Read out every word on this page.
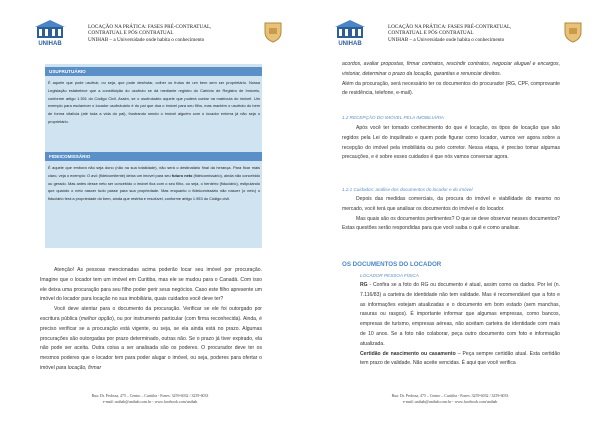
UNIHAB
LOCAÇÃO NA PRÁTICA: FASES PRÉ-CONTRATUAL,
CONTRATUAL E PÓS CONTRATUAL
UNIHAB – a Universidade onde habita o conhecimento
USUFRUTUÁRIO
É aquele que pode usufruir, ou seja, que pode desfrutar, colher os frutos de um bem sem ser proprietário. Nossa Legislação estabelece que a constituição do usufruto se dá mediante registro do Cartório de Registro de Imóveis, conforme artigo 1.391 do Código Civil. Assim, se o usufrutuário aquele que poderá contar na matrícula do imóvel. Um exemplo para esclarecer o locador usufrutuário é do pai que doa o imóvel para seu filho, mas mantém o usufruto do bem de forma vitalícia (até toda a vida do pai), frustrando sendo o imóvel alguém com o locador enterra já não seja o proprietário.
FIDEICOMISSÁRIO
É aquele que embora não seja dono (não na sua totalidade), não será o destinatário final da herança. Para ficar mais claro, veja o exemplo: O avô (fideicomitente) deixa um imóvel para seu futuro neto (fideicomissário), ainda não concebido ou gerado. Mas antes desse neto ser concebido o imóvel fica com o seu filho, ou seja, o herdeiro (fiduciário), estipulando que quando o neto nascer tudo passe para sua propriedade. Mas enquanto o fideicomissário não nascer (o neto) o fiduciário terá a propriedade do bem, ainda que restrita e resolúvel, conforme artigo 1.953 do Código civil.

Atenção! As pessoas mencionadas acima poderão locar seu imóvel por procuração. Imagine que o locador tem um imóvel em Curitiba, mas ele se mudou para o Canadá. Com isso ele deixa uma procuração para seu filho poder gerir seus negócios. Caso este filho apresente um imóvel do locador para locação no sua imobiliária, quais cuidados você deve ter?

Você deve atentar para o documento da procuração. Verificar se ele foi outorgado por escritura pública (melhor opção), ou por instrumento particular (com firma reconhecida). Ainda, é preciso verificar se a procuração está vigente, ou seja, se ela ainda está no prazo. Algumas procurações são outorgadas por prazo determinado, outras não. Se o prazo já tiver expirado, ela não pode ser aceita. Outra coisa a ser analisada são os poderes. O procurador deve ter os mesmos poderes que o locador tem para poder alugar o imóvel, ou seja, poderes para ofertar o imóvel para locação, firmar

Rua: Dr. Pedrosa, 475 – Centro – Curitiba - Fones: 3259-6032 / 3259-6033
e-mail: unihab@unihab.com.br - www.facebook.com/unihab
UNIHAB
LOCAÇÃO NA PRÁTICA: FASES PRÉ-CONTRATUAL,
CONTRATUAL E PÓS CONTRATUAL
UNIHAB – a Universidade onde habita o conhecimento

acordos, avaliar propostas, firmar contratos, rescindir contratos, negociar aluguel e encargos, vistoriar, determinar o prazo da locação, garantias e renunciar direitos.

Além da procuração, será necessário ter os documentos do procurador (RG, CPF, comprovante de residência, telefone, e-mail).

1.2 RECEPÇÃO DO IMÓVEL PELA IMOBILIÁRIA

Após você ter tomado conhecimento do que é locação, os tipos de locação que são regidos pela Lei do inquilinato e quem pode figurar como locador, vamos ver agora sobre a recepção do imóvel pela imobiliária ou pelo corretor. Nessa etapa, é preciso tomar algumas precauções, e é sobre esses cuidados é que nós vamos conversar agora.

1.2.1 Cuidados: análise dos documentos do locador e do imóvel

Depois das medidas comerciais, da procura do imóvel e viabilidade do mesmo no mercado, você terá que analisar os documentos do imóvel e do locador.

Mas quais são os documentos pertinentes? O que se deve observar nesses documentos? Estas questões serão respondidas para que você saiba o quê e como analisar.

OS DOCUMENTOS DO LOCADOR
LOCADOR PESSOA FÍSICA

RG - Confira se a foto do RG ou documento é atual, assim como os dados. Por lei (n. 7.116/83) a carteira de identidade não tem validade. Mas é recomendável que a foto e as informações estejam atualizadas e o documento em bom estado (sem manchas, rasuras ou rasgos). É importante informar que algumas empresas, como bancos, empresas de turismo, empresas aéreas, não aceitam carteira de identidade com mais de 10 anos. Se a foto não colaborar, peça outro documento com foto e informação atualizada.

Certidão de nascimento ou casamento – Peça sempre certidão atual. Esta certidão tem prazo de validade. Não aceite vencidas. É aqui que você verifica

Rua: Dr. Pedrosa, 475 – Centro – Curitiba - Fones: 3259-6032 / 3259-6033
e-mail: unihab@unihab.com.br - www.facebook.com/unihab
